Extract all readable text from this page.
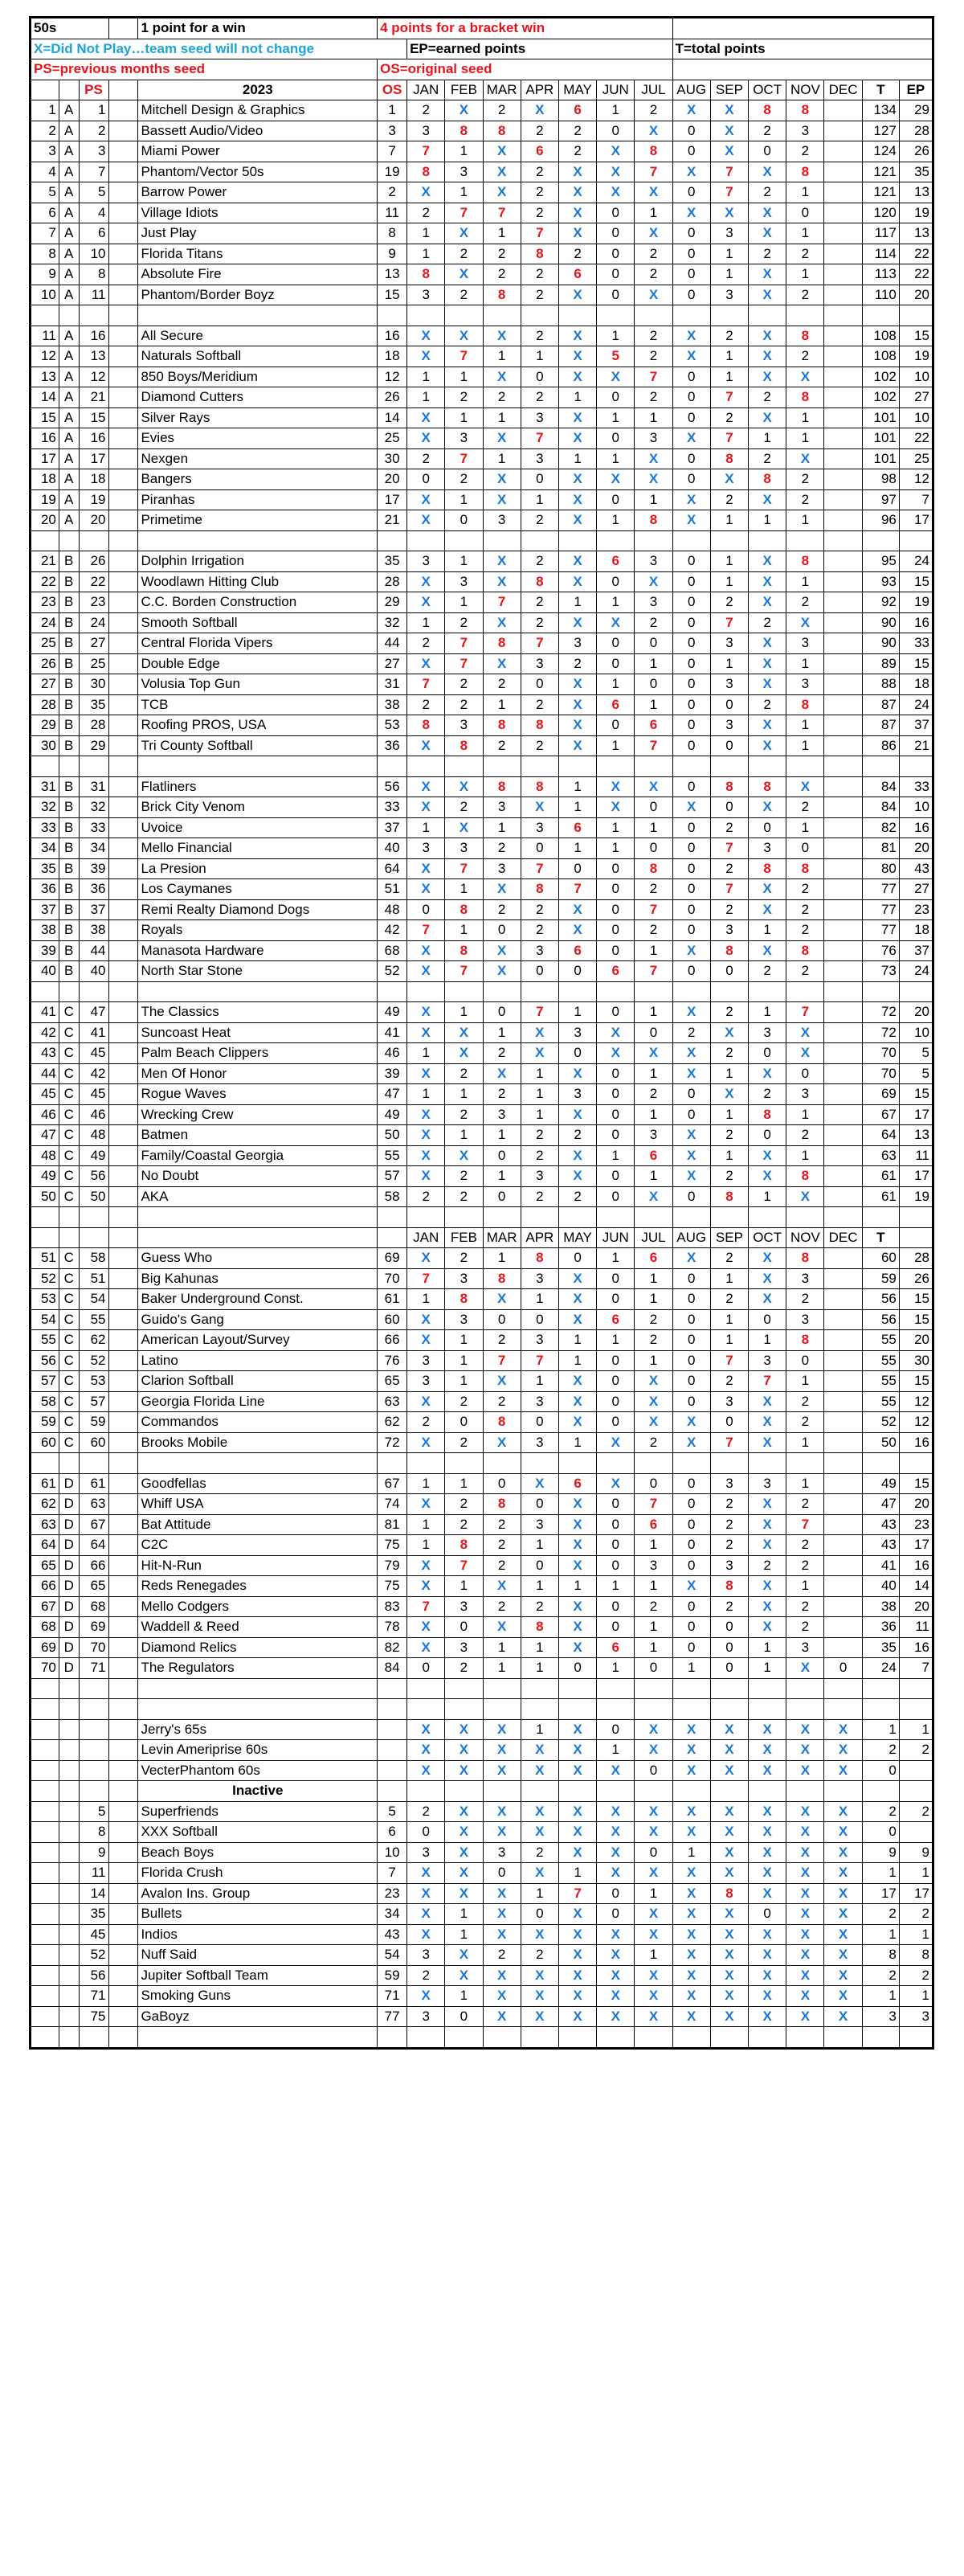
50s				1 point for a win	4 points for a bracket win														
X=Did Not Play…team seed will not change						EP=earned points							T=total points						
PS=previous months seed					OS=original seed														
		PS		2023	OS	JAN	FEB	MAR	APR	MAY	JUN	JUL	AUG	SEP	OCT	NOV	DEC	T	EP
1	A	1		Mitchell Design & Graphics	1	2	X	2	X	6	1	2	X	X	8	8		134	29
2	A	2		Bassett Audio/Video	3	3	8	8	2	2	0	X	0	X	2	3		127	28
3	A	3		Miami Power	7	7	1	X	6	2	X	8	0	X	0	2		124	26
4	A	7		Phantom/Vector 50s	19	8	3	X	2	X	X	7	X	7	X	8		121	35
5	A	5		Barrow Power	2	X	1	X	2	X	X	X	0	7	2	1		121	13
6	A	4		Village Idiots	11	2	7	7	2	X	0	1	X	X	X	0		120	19
7	A	6		Just Play	8	1	X	1	7	X	0	X	0	3	X	1		117	13
8	A	10		Florida Titans	9	1	2	2	8	2	0	2	0	1	2	2		114	22
9	A	8		Absolute Fire	13	8	X	2	2	6	0	2	0	1	X	1		113	22
10	A	11		Phantom/Border Boyz	15	3	2	8	2	X	0	X	0	3	X	2		110	20

11	A	16		All Secure	16	X	X	X	2	X	1	2	X	2	X	8		108	15
12	A	13		Naturals Softball	18	X	7	1	1	X	5	2	X	1	X	2		108	19
13	A	12		850 Boys/Meridium	12	1	1	X	0	X	X	7	0	1	X	X		102	10
14	A	21		Diamond Cutters	26	1	2	2	2	1	0	2	0	7	2	8		102	27
15	A	15		Silver Rays	14	X	1	1	3	X	1	1	0	2	X	1		101	10
16	A	16		Evies	25	X	3	X	7	X	0	3	X	7	1	1		101	22
17	A	17		Nexgen	30	2	7	1	3	1	1	X	0	8	2	X		101	25
18	A	18		Bangers	20	0	2	X	0	X	X	X	0	X	8	2		98	12
19	A	19		Piranhas	17	X	1	X	1	X	0	1	X	2	X	2		97	7
20	A	20		Primetime	21	X	0	3	2	X	1	8	X	1	1	1		96	17

21	B	26		Dolphin Irrigation	35	3	1	X	2	X	6	3	0	1	X	8		95	24
22	B	22		Woodlawn Hitting Club	28	X	3	X	8	X	0	X	0	1	X	1		93	15
23	B	23		C.C. Borden Construction	29	X	1	7	2	1	1	3	0	2	X	2		92	19
24	B	24		Smooth Softball	32	1	2	X	2	X	X	2	0	7	2	X		90	16
25	B	27		Central Florida Vipers	44	2	7	8	7	3	0	0	0	3	X	3		90	33
26	B	25		Double Edge	27	X	7	X	3	2	0	1	0	1	X	1		89	15
27	B	30		Volusia Top Gun	31	7	2	2	0	X	1	0	0	3	X	3		88	18
28	B	35		TCB	38	2	2	1	2	X	6	1	0	0	2	8		87	24
29	B	28		Roofing PROS, USA	53	8	3	8	8	X	0	6	0	3	X	1		87	37
30	B	29		Tri County Softball	36	X	8	2	2	X	1	7	0	0	X	1		86	21

31	B	31		Flatliners	56	X	X	8	8	1	X	X	0	8	8	X		84	33
32	B	32		Brick City Venom	33	X	2	3	X	1	X	0	X	0	X	2		84	10
33	B	33		Uvoice	37	1	X	1	3	6	1	1	0	2	0	1		82	16
34	B	34		Mello Financial	40	3	3	2	0	1	1	0	0	7	3	0		81	20
35	B	39		La Presion	64	X	7	3	7	0	0	8	0	2	8	8		80	43
36	B	36		Los Caymanes	51	X	1	X	8	7	0	2	0	7	X	2		77	27
37	B	37		Remi Realty Diamond Dogs	48	0	8	2	2	X	0	7	0	2	X	2		77	23
38	B	38		Royals	42	7	1	0	2	X	0	2	0	3	1	2		77	18
39	B	44		Manasota Hardware	68	X	8	X	3	6	0	1	X	8	X	8		76	37
40	B	40		North Star Stone	52	X	7	X	0	0	6	7	0	0	2	2		73	24

41	C	47		The Classics	49	X	1	0	7	1	0	1	X	2	1	7		72	20
42	C	41		Suncoast Heat	41	X	X	1	X	3	X	0	2	X	3	X		72	10
43	C	45		Palm Beach Clippers	46	1	X	2	X	0	X	X	X	2	0	X		70	5
44	C	42		Men Of Honor	39	X	2	X	1	X	0	1	X	1	X	0		70	5
45	C	45		Rogue Waves	47	1	1	2	1	3	0	2	0	X	2	3		69	15
46	C	46		Wrecking Crew	49	X	2	3	1	X	0	1	0	1	8	1		67	17
47	C	48		Batmen	50	X	1	1	2	2	0	3	X	2	0	2		64	13
48	C	49		Family/Coastal Georgia	55	X	X	0	2	X	1	6	X	1	X	1		63	11
49	C	56		No Doubt	57	X	2	1	3	X	0	1	X	2	X	8		61	17
50	C	50		AKA	58	2	2	0	2	2	0	X	0	8	1	X		61	19

						JAN	FEB	MAR	APR	MAY	JUN	JUL	AUG	SEP	OCT	NOV	DEC	T	
51	C	58		Guess Who	69	X	2	1	8	0	1	6	X	2	X	8		60	28
52	C	51		Big Kahunas	70	7	3	8	3	X	0	1	0	1	X	3		59	26
53	C	54		Baker Underground Const.	61	1	8	X	1	X	0	1	0	2	X	2		56	15
54	C	55		Guido's Gang	60	X	3	0	0	X	6	2	0	1	0	3		56	15
55	C	62		American Layout/Survey	66	X	1	2	3	1	1	2	0	1	1	8		55	20
56	C	52		Latino	76	3	1	7	7	1	0	1	0	7	3	0		55	30
57	C	53		Clarion Softball	65	3	1	X	1	X	0	X	0	2	7	1		55	15
58	C	57		Georgia Florida Line	63	X	2	2	3	X	0	X	0	3	X	2		55	12
59	C	59		Commandos	62	2	0	8	0	X	0	X	X	0	X	2		52	12
60	C	60		Brooks Mobile	72	X	2	X	3	1	X	2	X	7	X	1		50	16

61	D	61		Goodfellas	67	1	1	0	X	6	X	0	0	3	3	1		49	15
62	D	63		Whiff USA	74	X	2	8	0	X	0	7	0	2	X	2		47	20
63	D	67		Bat Attitude	81	1	2	2	3	X	0	6	0	2	X	7		43	23
64	D	64		C2C	75	1	8	2	1	X	0	1	0	2	X	2		43	17
65	D	66		Hit-N-Run	79	X	7	2	0	X	0	3	0	3	2	2		41	16
66	D	65		Reds Renegades	75	X	1	X	1	1	1	1	X	8	X	1		40	14
67	D	68		Mello Codgers	83	7	3	2	2	X	0	2	0	2	X	2		38	20
68	D	69		Waddell & Reed	78	X	0	X	8	X	0	1	0	0	X	2		36	11
69	D	70		Diamond Relics	82	X	3	1	1	X	6	1	0	0	1	3		35	16
70	D	71		The Regulators	84	0	2	1	1	0	1	0	1	0	1	X	0	24	7

				Jerry's 65s		X	X	X	1	X	0	X	X	X	X	X	X	1	1
				Levin Ameriprise 60s		X	X	X	X	X	1	X	X	X	X	X	X	2	2
				VecterPhantom 60s		X	X	X	X	X	X	0	X	X	X	X	X	0	
				Inactive															
		5		Superfriends	5	2	X	X	X	X	X	X	X	X	X	X	X	2	2
		8		XXX Softball	6	0	X	X	X	X	X	X	X	X	X	X	X	0	
		9		Beach Boys	10	3	X	3	2	X	X	0	1	X	X	X	X	9	9
		11		Florida Crush	7	X	X	0	X	1	X	X	X	X	X	X	X	1	1
		14		Avalon Ins. Group	23	X	X	X	1	7	0	1	X	8	X	X	X	17	17
		35		Bullets	34	X	1	X	0	X	0	X	X	X	0	X	X	2	2
		45		Indios	43	X	1	X	X	X	X	X	X	X	X	X	X	1	1
		52		Nuff Said	54	3	X	2	2	X	X	1	X	X	X	X	X	8	8
		56		Jupiter Softball Team	59	2	X	X	X	X	X	X	X	X	X	X	X	2	2
		71		Smoking Guns	71	X	1	X	X	X	X	X	X	X	X	X	X	1	1
		75		GaBoyz	77	3	0	X	X	X	X	X	X	X	X	X	X	3	3
